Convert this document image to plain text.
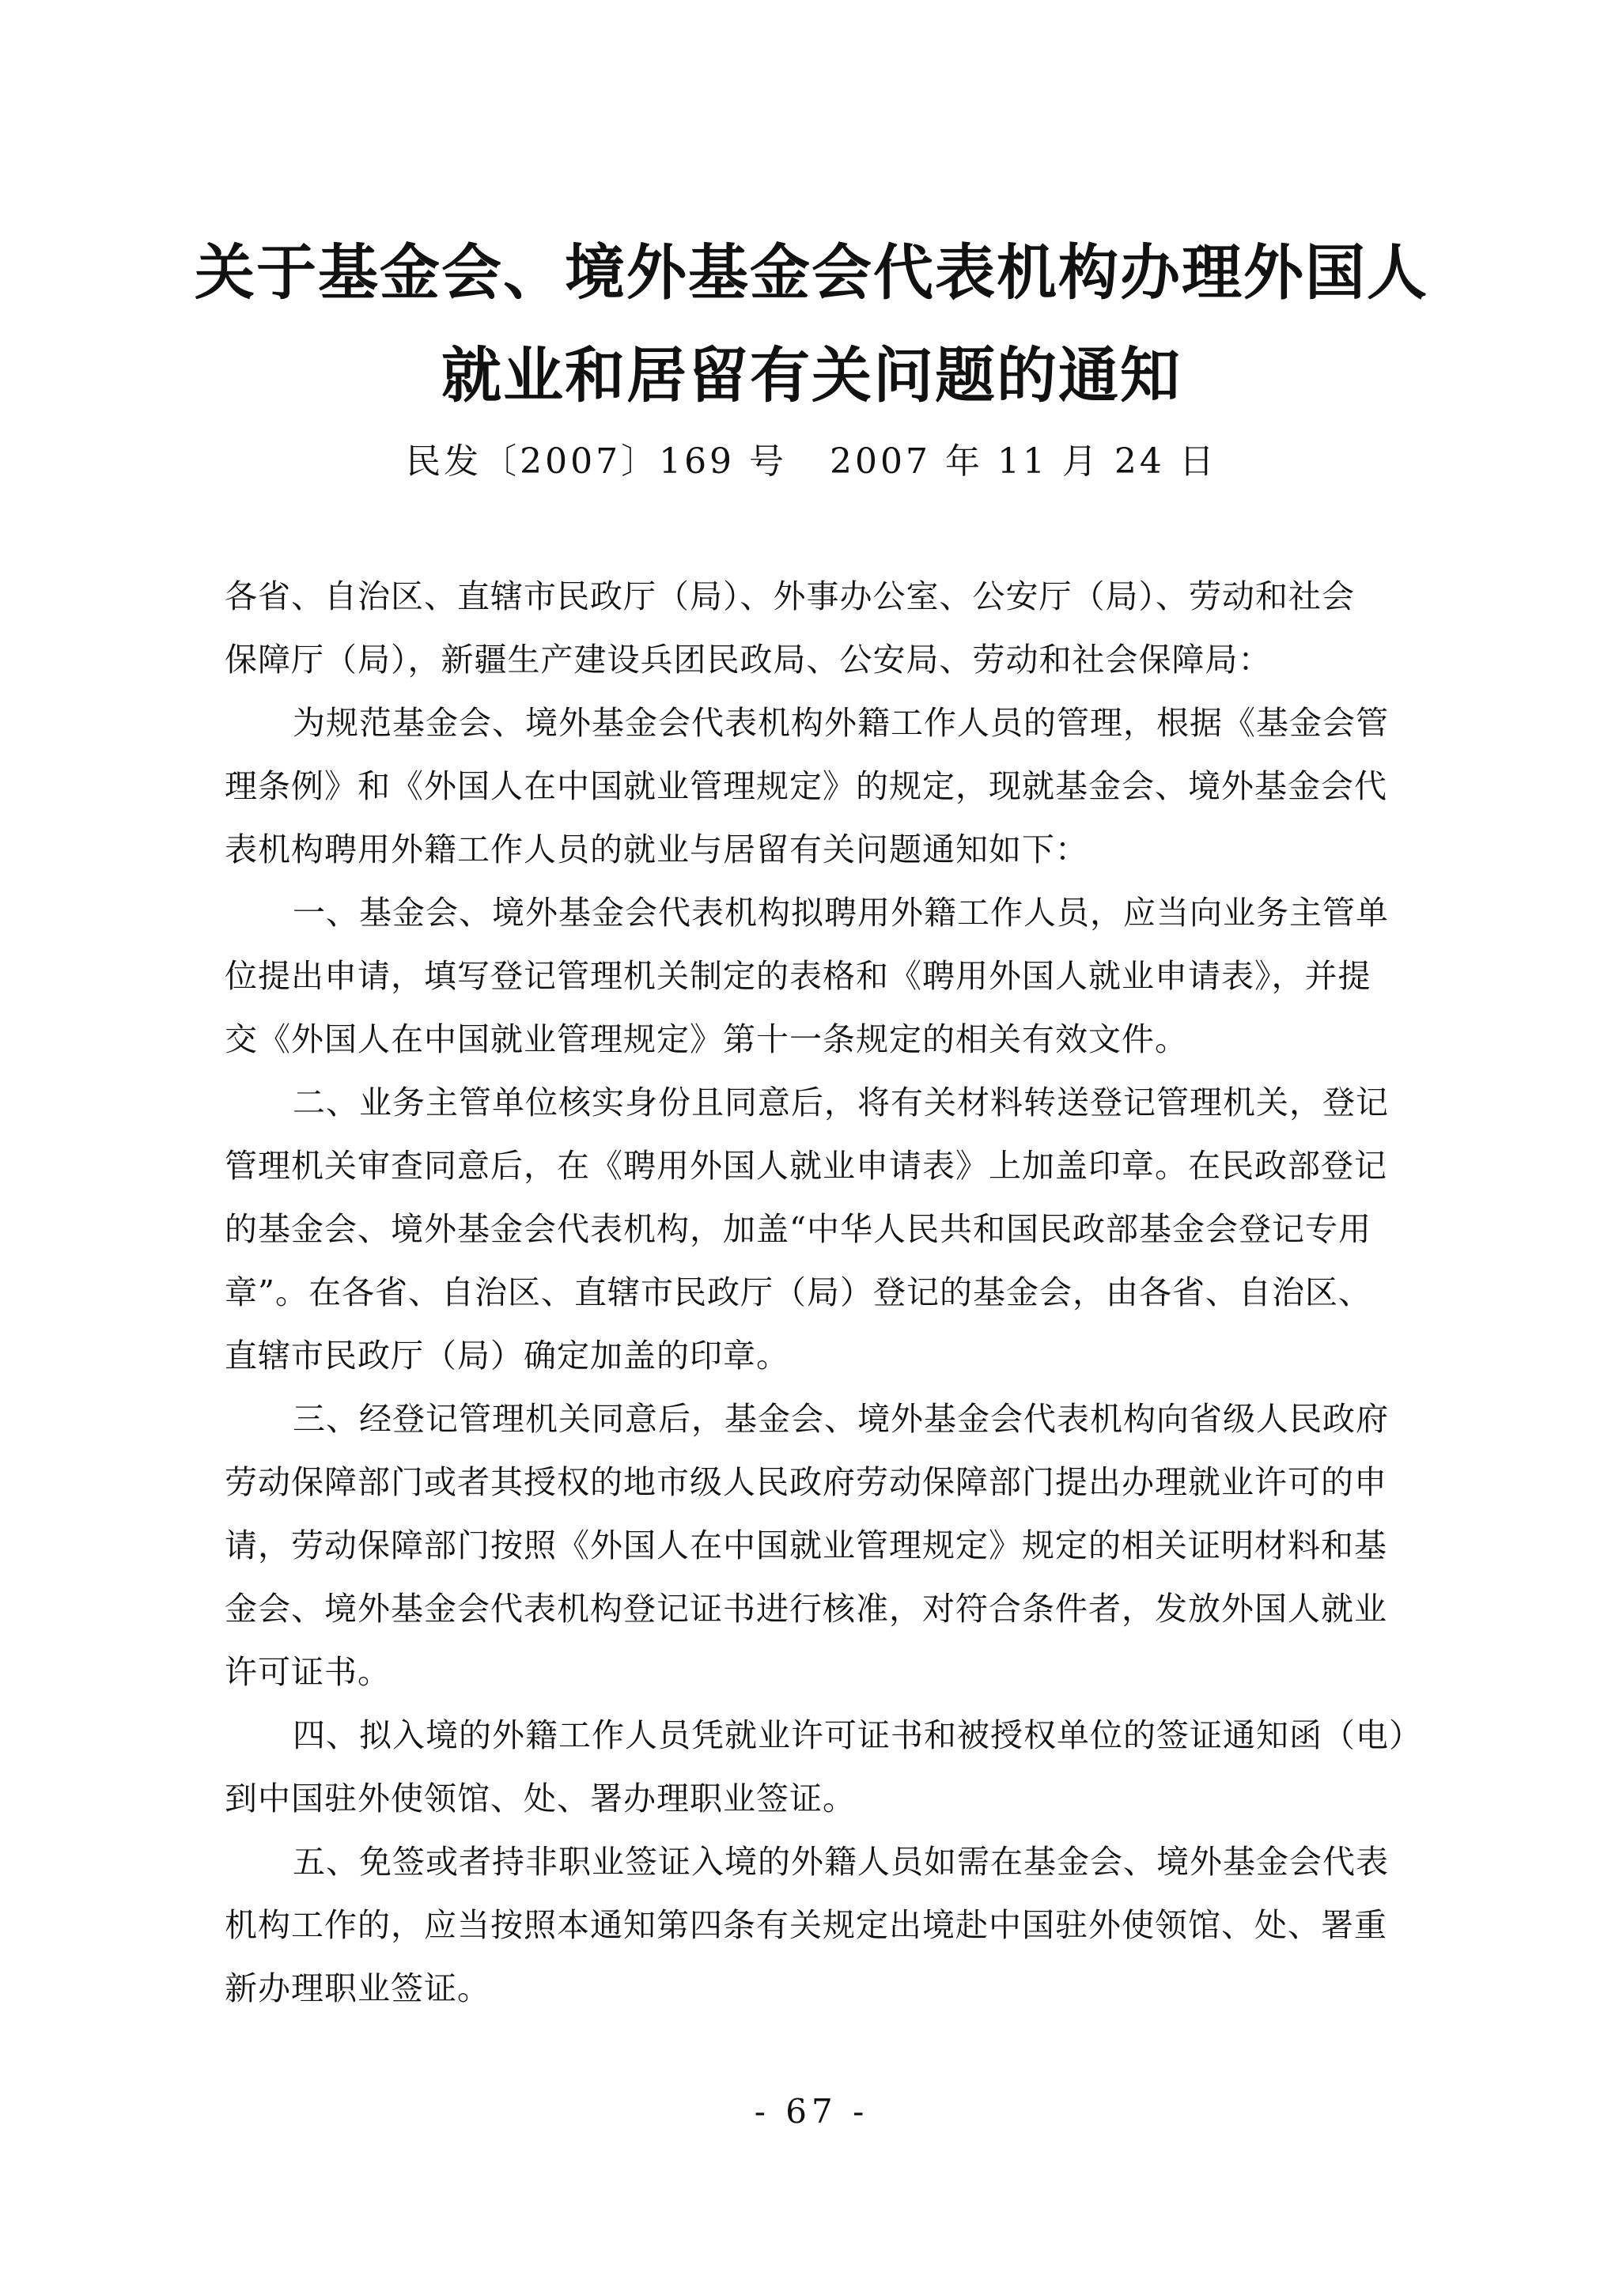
关于基金会、境外基金会代表机构办理外国人
就业和居留有关问题的通知
民发〔2007〕169 号   2007 年 11 月 24 日
各省、自治区、直辖市民政厅（局）、外事办公室、公安厅（局）、劳动和社会
保障厅（局），新疆生产建设兵团民政局、公安局、劳动和社会保障局：
为规范基金会、境外基金会代表机构外籍工作人员的管理，根据《基金会管
理条例》和《外国人在中国就业管理规定》的规定，现就基金会、境外基金会代
表机构聘用外籍工作人员的就业与居留有关问题通知如下：
一、基金会、境外基金会代表机构拟聘用外籍工作人员，应当向业务主管单
位提出申请，填写登记管理机关制定的表格和《聘用外国人就业申请表》，并提
交《外国人在中国就业管理规定》第十一条规定的相关有效文件。
二、业务主管单位核实身份且同意后，将有关材料转送登记管理机关，登记
管理机关审查同意后，在《聘用外国人就业申请表》上加盖印章。在民政部登记
的基金会、境外基金会代表机构，加盖“中华人民共和国民政部基金会登记专用
章”。在各省、自治区、直辖市民政厅（局）登记的基金会，由各省、自治区、
直辖市民政厅（局）确定加盖的印章。
三、经登记管理机关同意后，基金会、境外基金会代表机构向省级人民政府
劳动保障部门或者其授权的地市级人民政府劳动保障部门提出办理就业许可的申
请，劳动保障部门按照《外国人在中国就业管理规定》规定的相关证明材料和基
金会、境外基金会代表机构登记证书进行核准，对符合条件者，发放外国人就业
许可证书。
四、拟入境的外籍工作人员凭就业许可证书和被授权单位的签证通知函（电）
到中国驻外使领馆、处、署办理职业签证。
五、免签或者持非职业签证入境的外籍人员如需在基金会、境外基金会代表
机构工作的，应当按照本通知第四条有关规定出境赴中国驻外使领馆、处、署重
新办理职业签证。
- 67 -
